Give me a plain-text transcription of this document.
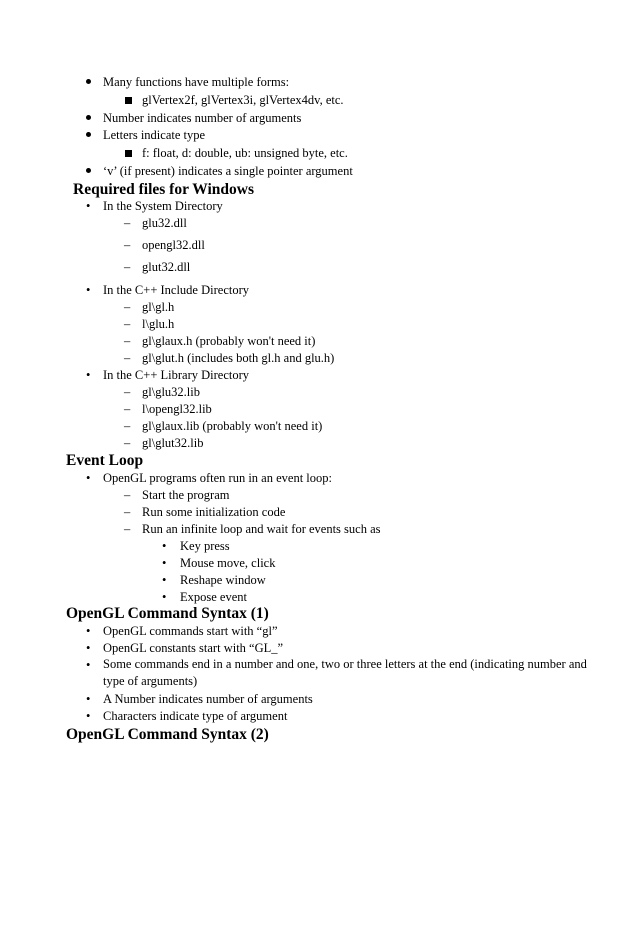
Many functions have multiple forms:
glVertex2f, glVertex3i, glVertex4dv, etc.
Number indicates number of arguments
Letters indicate type
f: float, d: double, ub: unsigned byte, etc.
‘v’ (if present) indicates a single pointer argument
Required files for Windows
• In the System Directory
– glu32.dll
– opengl32.dll
– glut32.dll
• In the C++ Include Directory
– gl\gl.h
– l\glu.h
– gl\glaux.h (probably won't need it)
– gl\glut.h (includes both gl.h and glu.h)
• In the C++ Library Directory
– gl\glu32.lib
– l\opengl32.lib
– gl\glaux.lib (probably won't need it)
– gl\glut32.lib
Event Loop
• OpenGL programs often run in an event loop:
– Start the program
– Run some initialization code
– Run an infinite loop and wait for events such as
• Key press
• Mouse move, click
• Reshape window
• Expose event
OpenGL Command Syntax (1)
• OpenGL commands start with “gl”
• OpenGL constants start with “GL_”
• Some commands end in a number and one, two or three letters at the end (indicating number and type of arguments)
• A Number indicates number of arguments
• Characters indicate type of argument
OpenGL Command Syntax (2)
